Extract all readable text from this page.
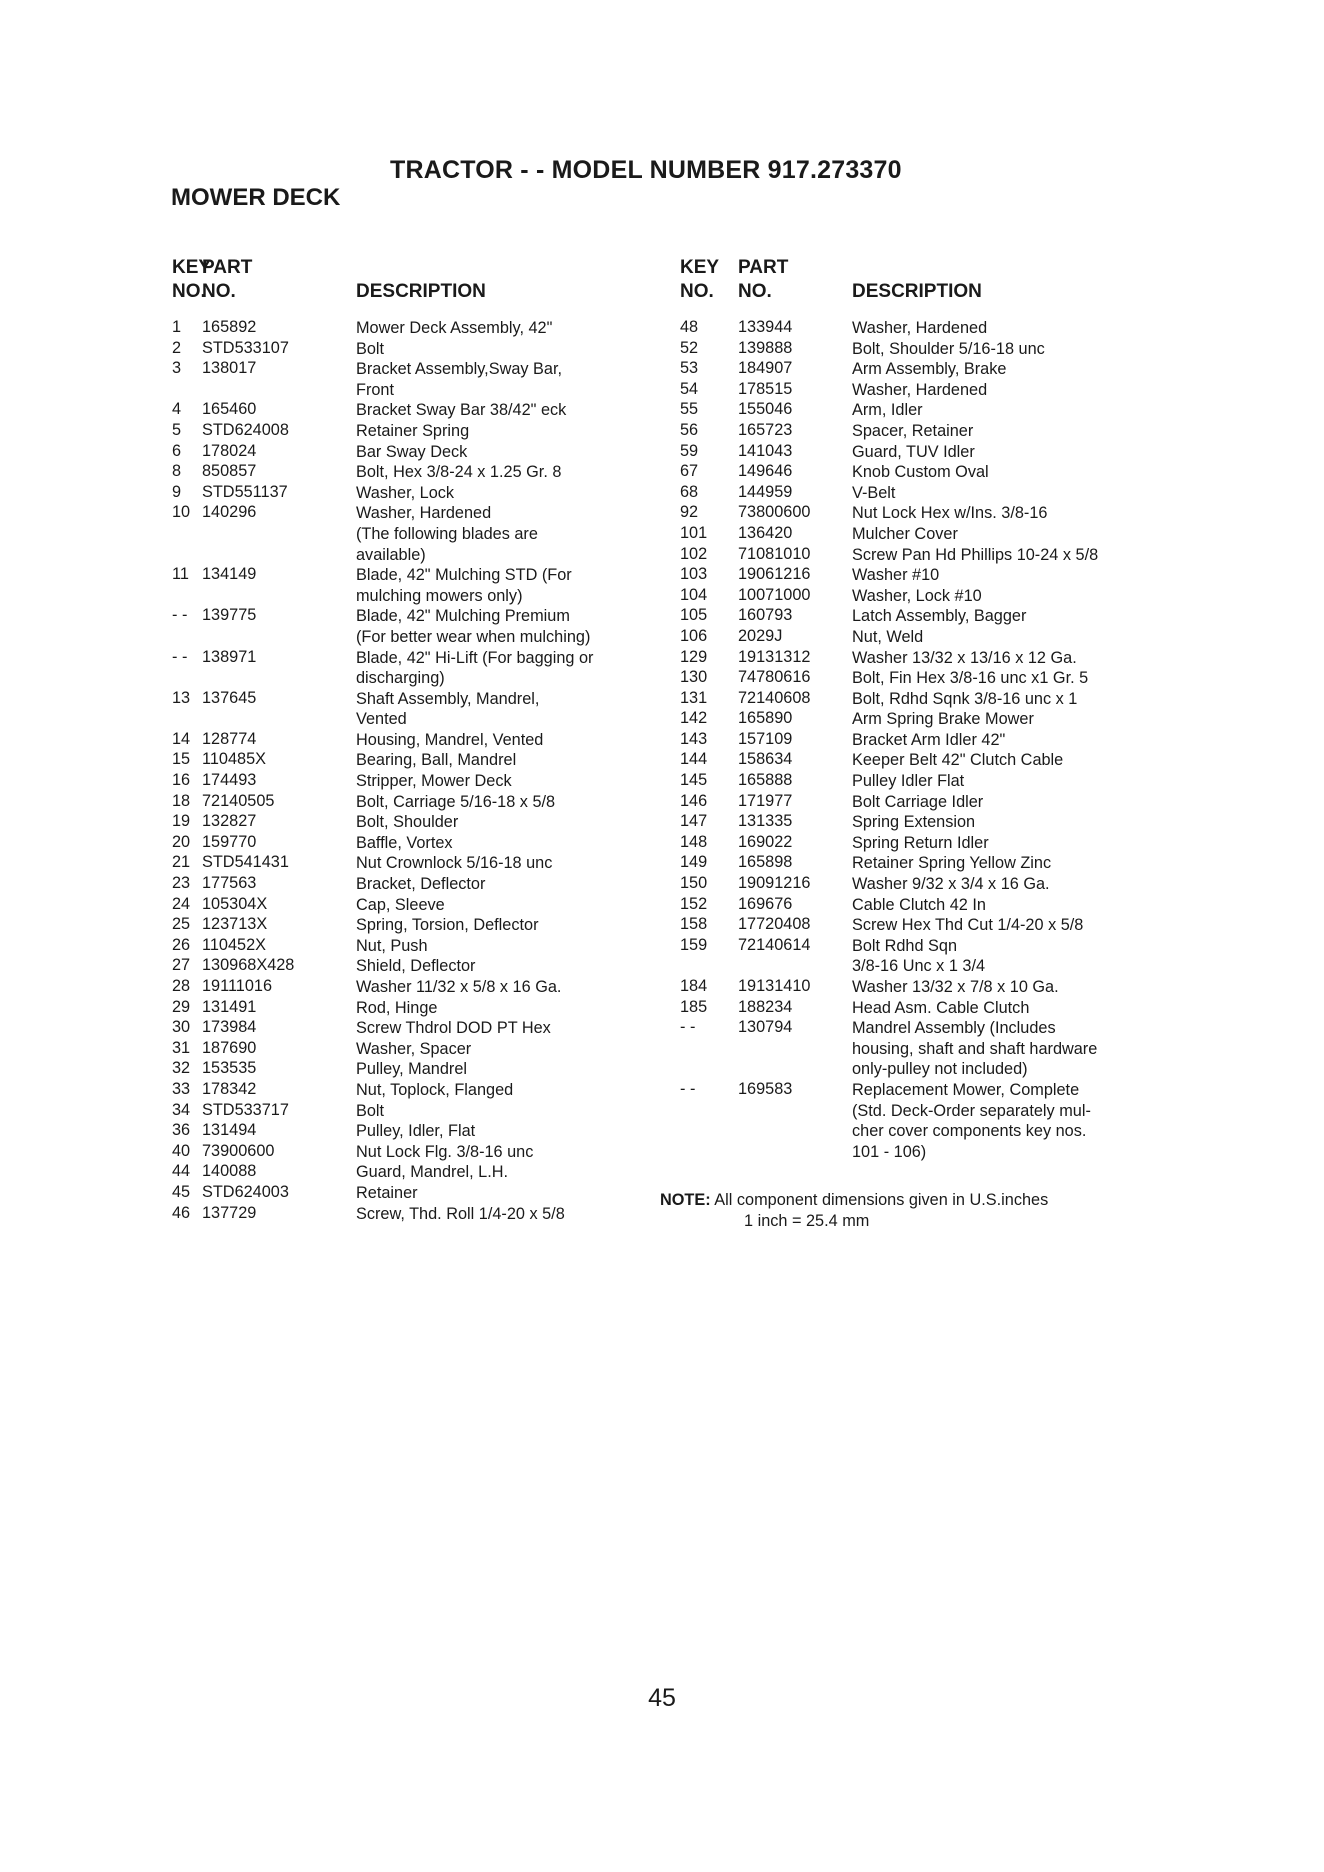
TRACTOR - - MODEL NUMBER 917.273370
MOWER DECK
KEY
NO.
PART
NO.	DESCRIPTION
1 165892	Mower Deck Assembly, 42"
2 STD533107	Bolt
3 138017	Bracket Assembly,Sway Bar,
Front
4 165460	Bracket Sway Bar 38/42" eck
5 STD624008	Retainer Spring
6 178024	Bar Sway Deck
8 850857	Bolt, Hex 3/8-24 x 1.25 Gr. 8
9 STD551137	Washer, Lock
10 140296	Washer, Hardened
(The following blades are
available)
11 134149	Blade, 42" Mulching STD (For
mulching mowers only)
- - 139775	Blade, 42" Mulching Premium
(For better wear when mulching)
- - 138971	Blade, 42" Hi-Lift (For bagging or
discharging)
13 137645	Shaft Assembly, Mandrel,
Vented
14 128774	Housing, Mandrel, Vented
15 110485X	Bearing, Ball, Mandrel
16 174493	Stripper, Mower Deck
18 72140505	Bolt, Carriage 5/16-18 x 5/8
19 132827	Bolt, Shoulder
20 159770	Baffle, Vortex
21 STD541431	Nut Crownlock 5/16-18 unc
23 177563	Bracket, Deflector
24 105304X	Cap, Sleeve
25 123713X	Spring, Torsion, Deflector
26 110452X	Nut, Push
27 130968X428	Shield, Deflector
28 19111016	Washer 11/32 x 5/8 x 16 Ga.
29 131491	Rod, Hinge
30 173984	Screw Thdrol DOD PT Hex
31 187690	Washer, Spacer
32 153535	Pulley, Mandrel
33 178342	Nut, Toplock, Flanged
34 STD533717	Bolt
36 131494	Pulley, Idler, Flat
40 73900600	Nut Lock Flg. 3/8-16 unc
44 140088	Guard, Mandrel, L.H.
45 STD624003	Retainer
46 137729	Screw, Thd. Roll 1/4-20 x 5/8
KEY
NO.
PART
NO.	DESCRIPTION
48 133944	Washer, Hardened
52 139888	Bolt, Shoulder 5/16-18 unc
53 184907	Arm Assembly, Brake
54 178515	Washer, Hardened
55 155046	Arm, Idler
56 165723	Spacer, Retainer
59 141043	Guard, TUV Idler
67 149646	Knob Custom Oval
68 144959	V-Belt
92 73800600	Nut Lock Hex w/Ins. 3/8-16
101 136420	Mulcher Cover
102 71081010	Screw Pan Hd Phillips 10-24 x 5/8
103 19061216	Washer #10
104 10071000	Washer, Lock #10
105 160793	Latch Assembly, Bagger
106 2029J	Nut, Weld
129 19131312	Washer 13/32 x 13/16 x 12 Ga.
130 74780616	Bolt, Fin Hex 3/8-16 unc x1 Gr. 5
131 72140608	Bolt, Rdhd Sqnk 3/8-16 unc x 1
142 165890	Arm Spring Brake Mower
143 157109	Bracket Arm Idler 42"
144 158634	Keeper Belt 42" Clutch Cable
145 165888	Pulley Idler Flat
146 171977	Bolt Carriage Idler
147 131335	Spring Extension
148 169022	Spring Return Idler
149 165898	Retainer Spring Yellow Zinc
150 19091216	Washer 9/32 x 3/4 x 16 Ga.
152 169676	Cable Clutch 42 In
158 17720408	Screw Hex Thd Cut 1/4-20 x 5/8
159 72140614	Bolt Rdhd Sqn
3/8-16 Unc x 1 3/4
184 19131410	Washer 13/32 x 7/8 x 10 Ga.
185 188234	Head Asm. Cable Clutch
- -	130794	Mandrel Assembly (Includes
housing, shaft and shaft hardware
only-pulley not included)
- -	169583	Replacement Mower, Complete
(Std. Deck-Order separately mul-
cher cover components key nos.
101 - 106)
NOTE: All component dimensions given in U.S.inches
1 inch = 25.4 mm
45
